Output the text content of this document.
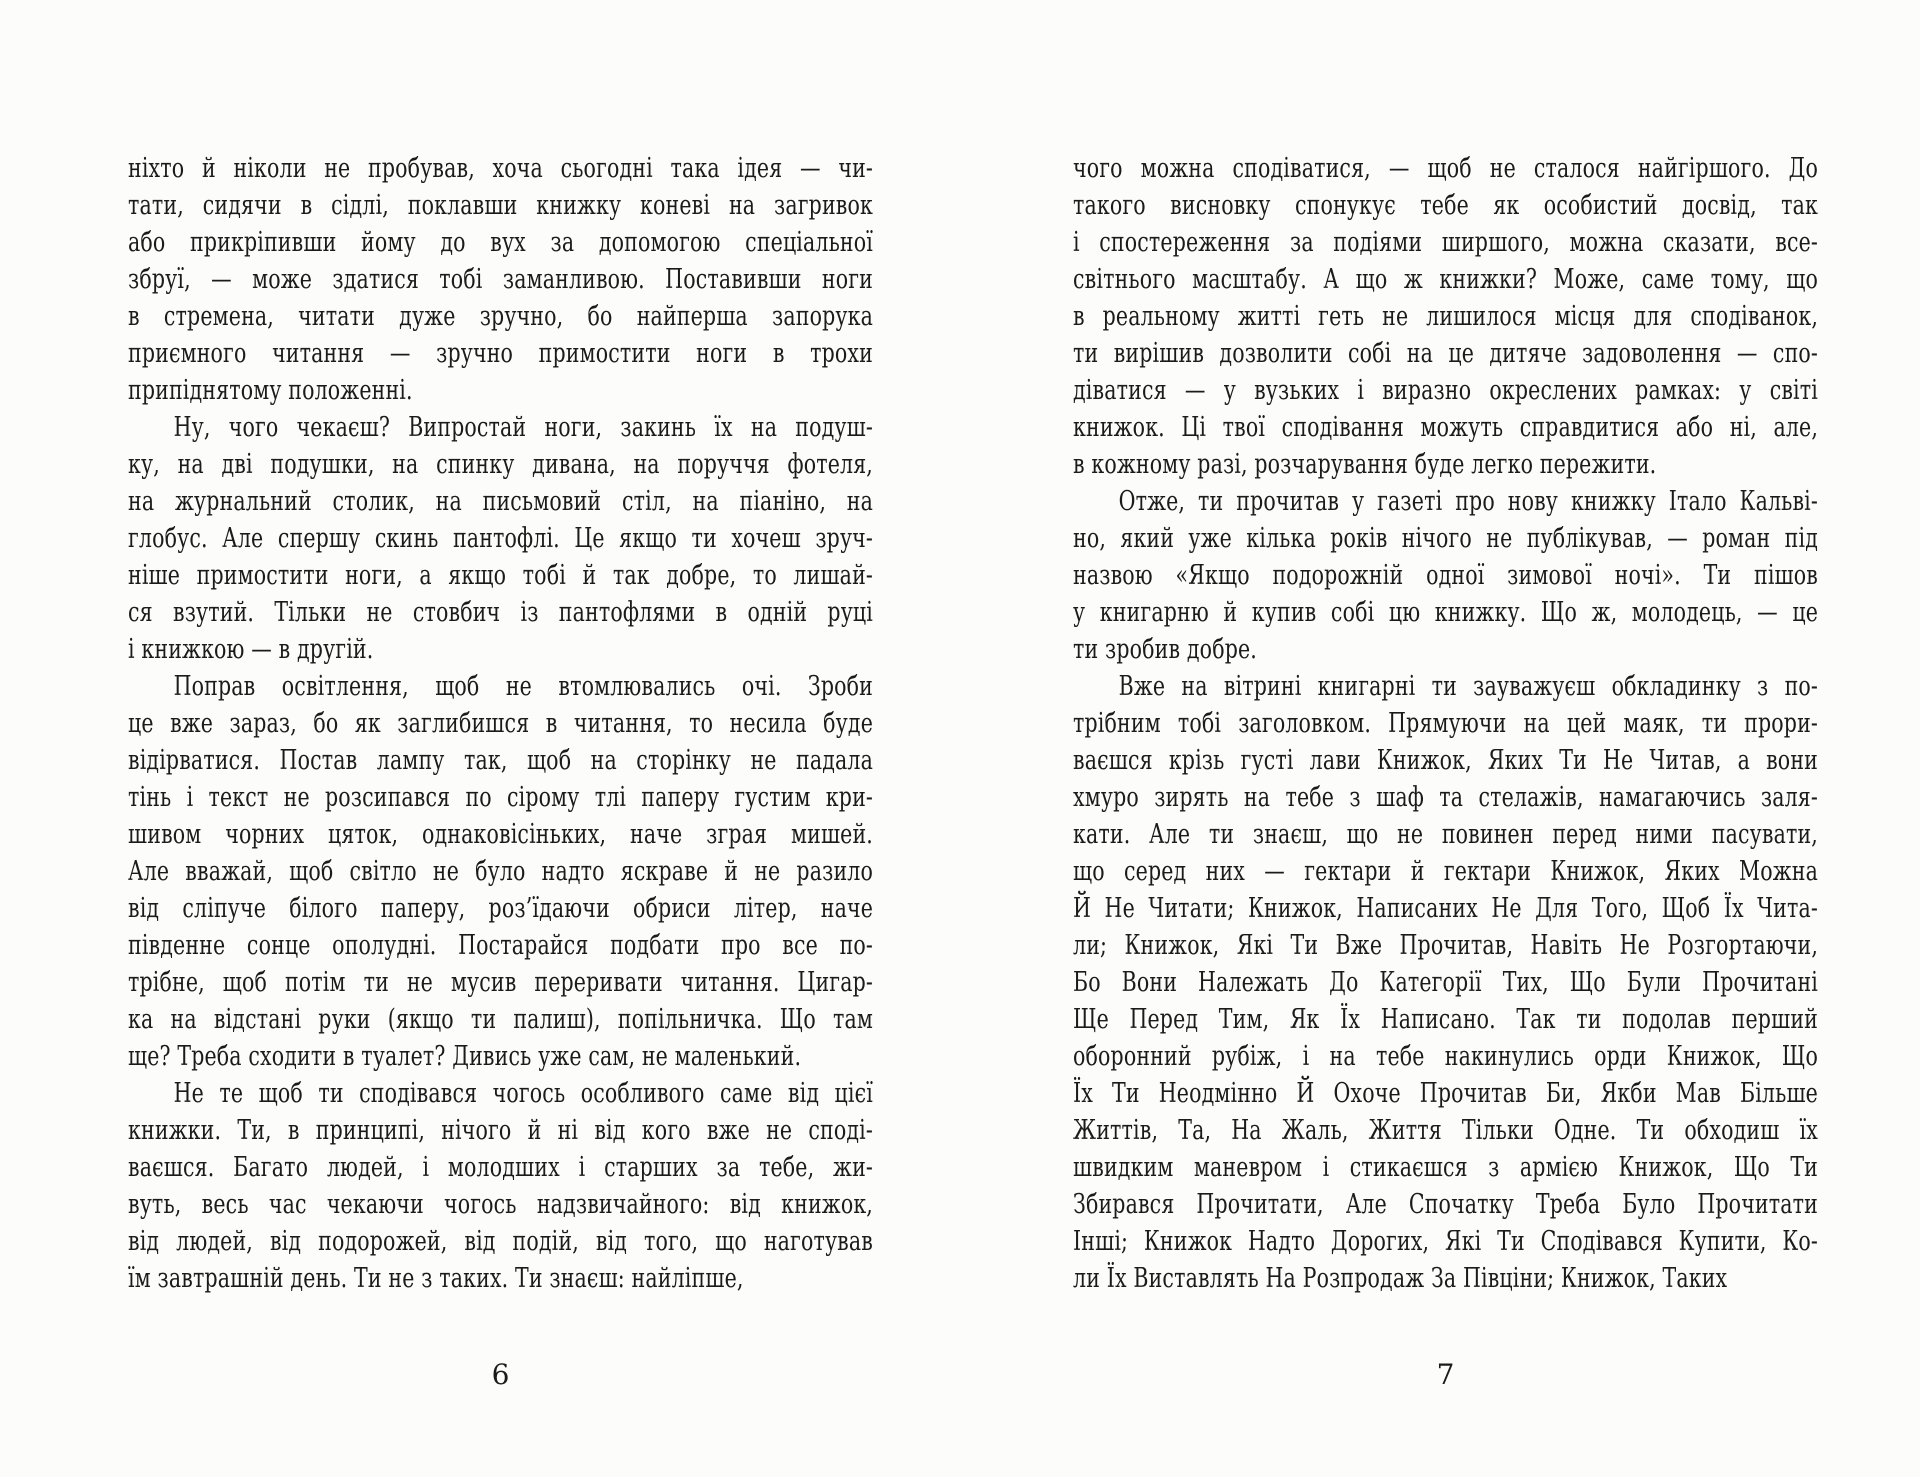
ніхто й ніколи не пробував, хоча сьогодні така ідея — чи-
тати, сидячи в сідлі, поклавши книжку коневі на загривок
або прикріпивши йому до вух за допомогою спеціальної
збруї, — може здатися тобі заманливою. Поставивши ноги
в стремена, читати дуже зручно, бо найперша запорука
приємного читання — зручно примостити ноги в трохи
припіднятому положенні.
Ну, чого чекаєш? Випростай ноги, закинь їх на подуш-
ку, на дві подушки, на спинку дивана, на поруччя фотеля,
на журнальний столик, на письмовий стіл, на піаніно, на
глобус. Але спершу скинь пантофлі. Це якщо ти хочеш зруч-
ніше примостити ноги, а якщо тобі й так добре, то лишай-
ся взутий. Тільки не стовбич із пантофлями в одній руці
і книжкою — в другій.
Поправ освітлення, щоб не втомлювались очі. Зроби
це вже зараз, бо як заглибишся в читання, то несила буде
відірватися. Постав лампу так, щоб на сторінку не падала
тінь і текст не розсипався по сірому тлі паперу густим кри-
шивом чорних цяток, однаковісіньких, наче зграя мишей.
Але вважай, щоб світло не було надто яскраве й не разило
від сліпуче білого паперу, роз’їдаючи обриси літер, наче
південне сонце ополудні. Постарайся подбати про все по-
трібне, щоб потім ти не мусив переривати читання. Цигар-
ка на відстані руки (якщо ти палиш), попільничка. Що там
ще? Треба сходити в туалет? Дивись уже сам, не маленький.
Не те щоб ти сподівався чогось особливого саме від цієї
книжки. Ти, в принципі, нічого й ні від кого вже не споді-
ваєшся. Багато людей, і молодших і старших за тебе, жи-
вуть, весь час чекаючи чогось надзвичайного: від книжок,
від людей, від подорожей, від подій, від того, що наготував
їм завтрашній день. Ти не з таких. Ти знаєш: найліпше,
6
чого можна сподіватися, — щоб не сталося найгіршого. До
такого висновку спонукує тебе як особистий досвід, так
і спостереження за подіями ширшого, можна сказати, все-
світнього масштабу. А що ж книжки? Може, саме тому, що
в реальному житті геть не лишилося місця для сподіванок,
ти вирішив дозволити собі на це дитяче задоволення — спо-
діватися — у вузьких і виразно окреслених рамках: у світі
книжок. Ці твої сподівання можуть справдитися або ні, але,
в кожному разі, розчарування буде легко пережити.
Отже, ти прочитав у газеті про нову книжку Італо Кальві-
но, який уже кілька років нічого не публікував, — роман під
назвою «Якщо подорожній одної зимової ночі». Ти пішов
у книгарню й купив собі цю книжку. Що ж, молодець, — це
ти зробив добре.
Вже на вітрині книгарні ти зауважуєш обкладинку з по-
трібним тобі заголовком. Прямуючи на цей маяк, ти прори-
ваєшся крізь густі лави Книжок, Яких Ти Не Читав, а вони
хмуро зирять на тебе з шаф та стелажів, намагаючись заля-
кати. Але ти знаєш, що не повинен перед ними пасувати,
що серед них — гектари й гектари Книжок, Яких Можна
Й Не Читати; Книжок, Написаних Не Для Того, Щоб Їх Чита-
ли; Книжок, Які Ти Вже Прочитав, Навіть Не Розгортаючи,
Бо Вони Належать До Категорії Тих, Що Були Прочитані
Ще Перед Тим, Як Їх Написано. Так ти подолав перший
оборонний рубіж, і на тебе накинулись орди Книжок, Що
Їх Ти Неодмінно Й Охоче Прочитав Би, Якби Мав Більше
Життів, Та, На Жаль, Життя Тільки Одне. Ти обходиш їх
швидким маневром і стикаєшся з армією Книжок, Що Ти
Збирався Прочитати, Але Спочатку Треба Було Прочитати
Інші; Книжок Надто Дорогих, Які Ти Сподівався Купити, Ко-
ли Їх Виставлять На Розпродаж За Півціни; Книжок, Таких
7
